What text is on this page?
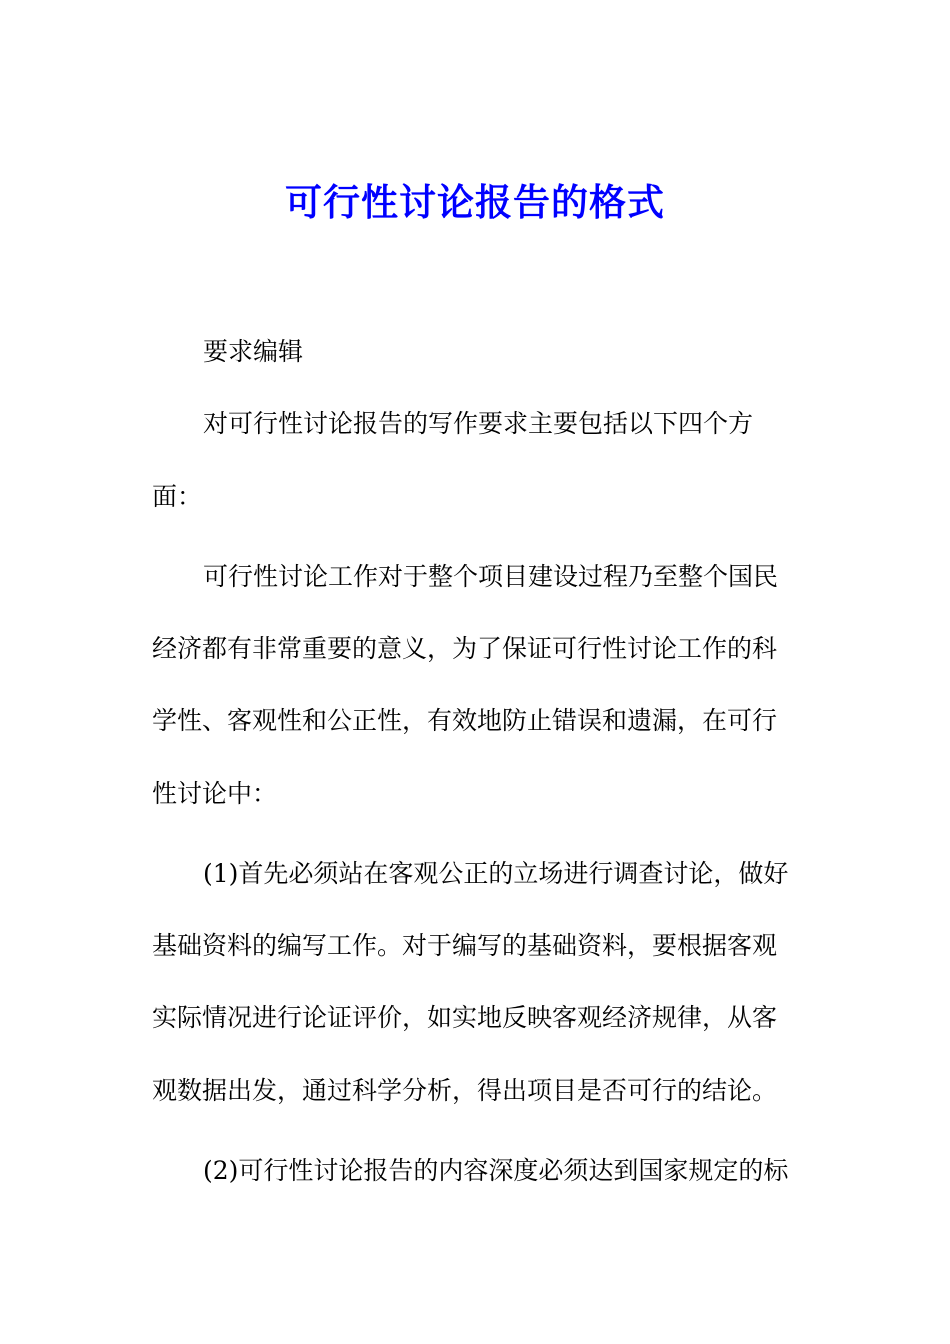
可行性讨论报告的格式
要求编辑
对可行性讨论报告的写作要求主要包括以下四个方
面：
可行性讨论工作对于整个项目建设过程乃至整个国民
经济都有非常重要的意义，为了保证可行性讨论工作的科
学性、客观性和公正性，有效地防止错误和遗漏，在可行
性讨论中：
(1)首先必须站在客观公正的立场进行调查讨论，做好
基础资料的编写工作。对于编写的基础资料，要根据客观
实际情况进行论证评价，如实地反映客观经济规律，从客
观数据出发，通过科学分析，得出项目是否可行的结论。
(2)可行性讨论报告的内容深度必须达到国家规定的标
